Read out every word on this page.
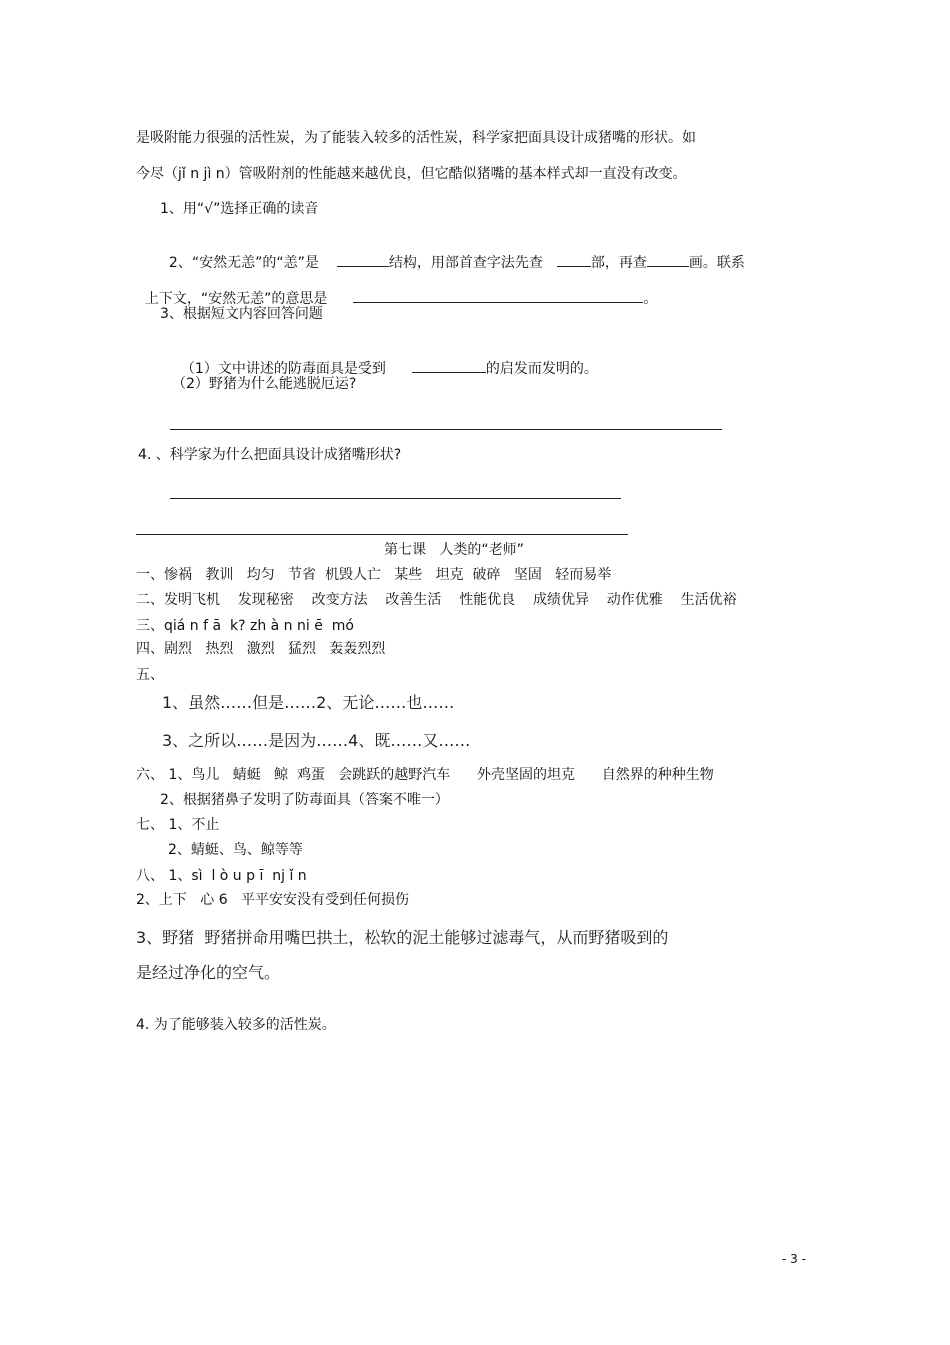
是吸附能力很强的活性炭，为了能装入较多的活性炭，科学家把面具设计成猪嘴的形状。如
今尽（jǐ n jì n）管吸附剂的性能越来越优良，但它酷似猪嘴的基本样式却一直没有改变。
1、用“√”选择正确的读音

2、“安然无恙”的“恙”是	结构，用部首查字法先查	部，再查	画。联系

上下文，“安然无恙”的意思是	。

3、根据短文内容回答问题

（1）文中讲述的防毒面具是受到	的启发而发明的。

（2）野猪为什么能逃脱厄运?
4. 、科学家为什么把面具设计成猪嘴形状?
第七课   人类的“老师”
一、惨祸   教训   均匀   节省  机毁人亡   某些   坦克  破碎   坚固   轻而易举
二、发明飞机    发现秘密    改变方法    改善生活    性能优良    成绩优异    动作优雅    生活优裕
三、qiá n f ā  k? zh à n ni ē  mó
四、剧烈   热烈   激烈   猛烈   轰轰烈烈
五、
1、虽然……但是……2、无论……也……
3、之所以……是因为……4、既……又……
六、 1、鸟儿   蜻蜓   鲸  鸡蛋   会跳跃的越野汽车      外壳坚固的坦克      自然界的种种生物
2、根据猪鼻子发明了防毒面具（答案不唯一）
七、 1、不止
2、蜻蜓、鸟、鲸等等
八、 1、sì  l ò u p ī  nj ǐ n
2、上下   心 6   平平安安没有受到任何损伤
3、野猪  野猪拼命用嘴巴拱土，松软的泥土能够过滤毒气，从而野猪吸到的
是经过净化的空气。
4. 为了能够装入较多的活性炭。
- 3 -
